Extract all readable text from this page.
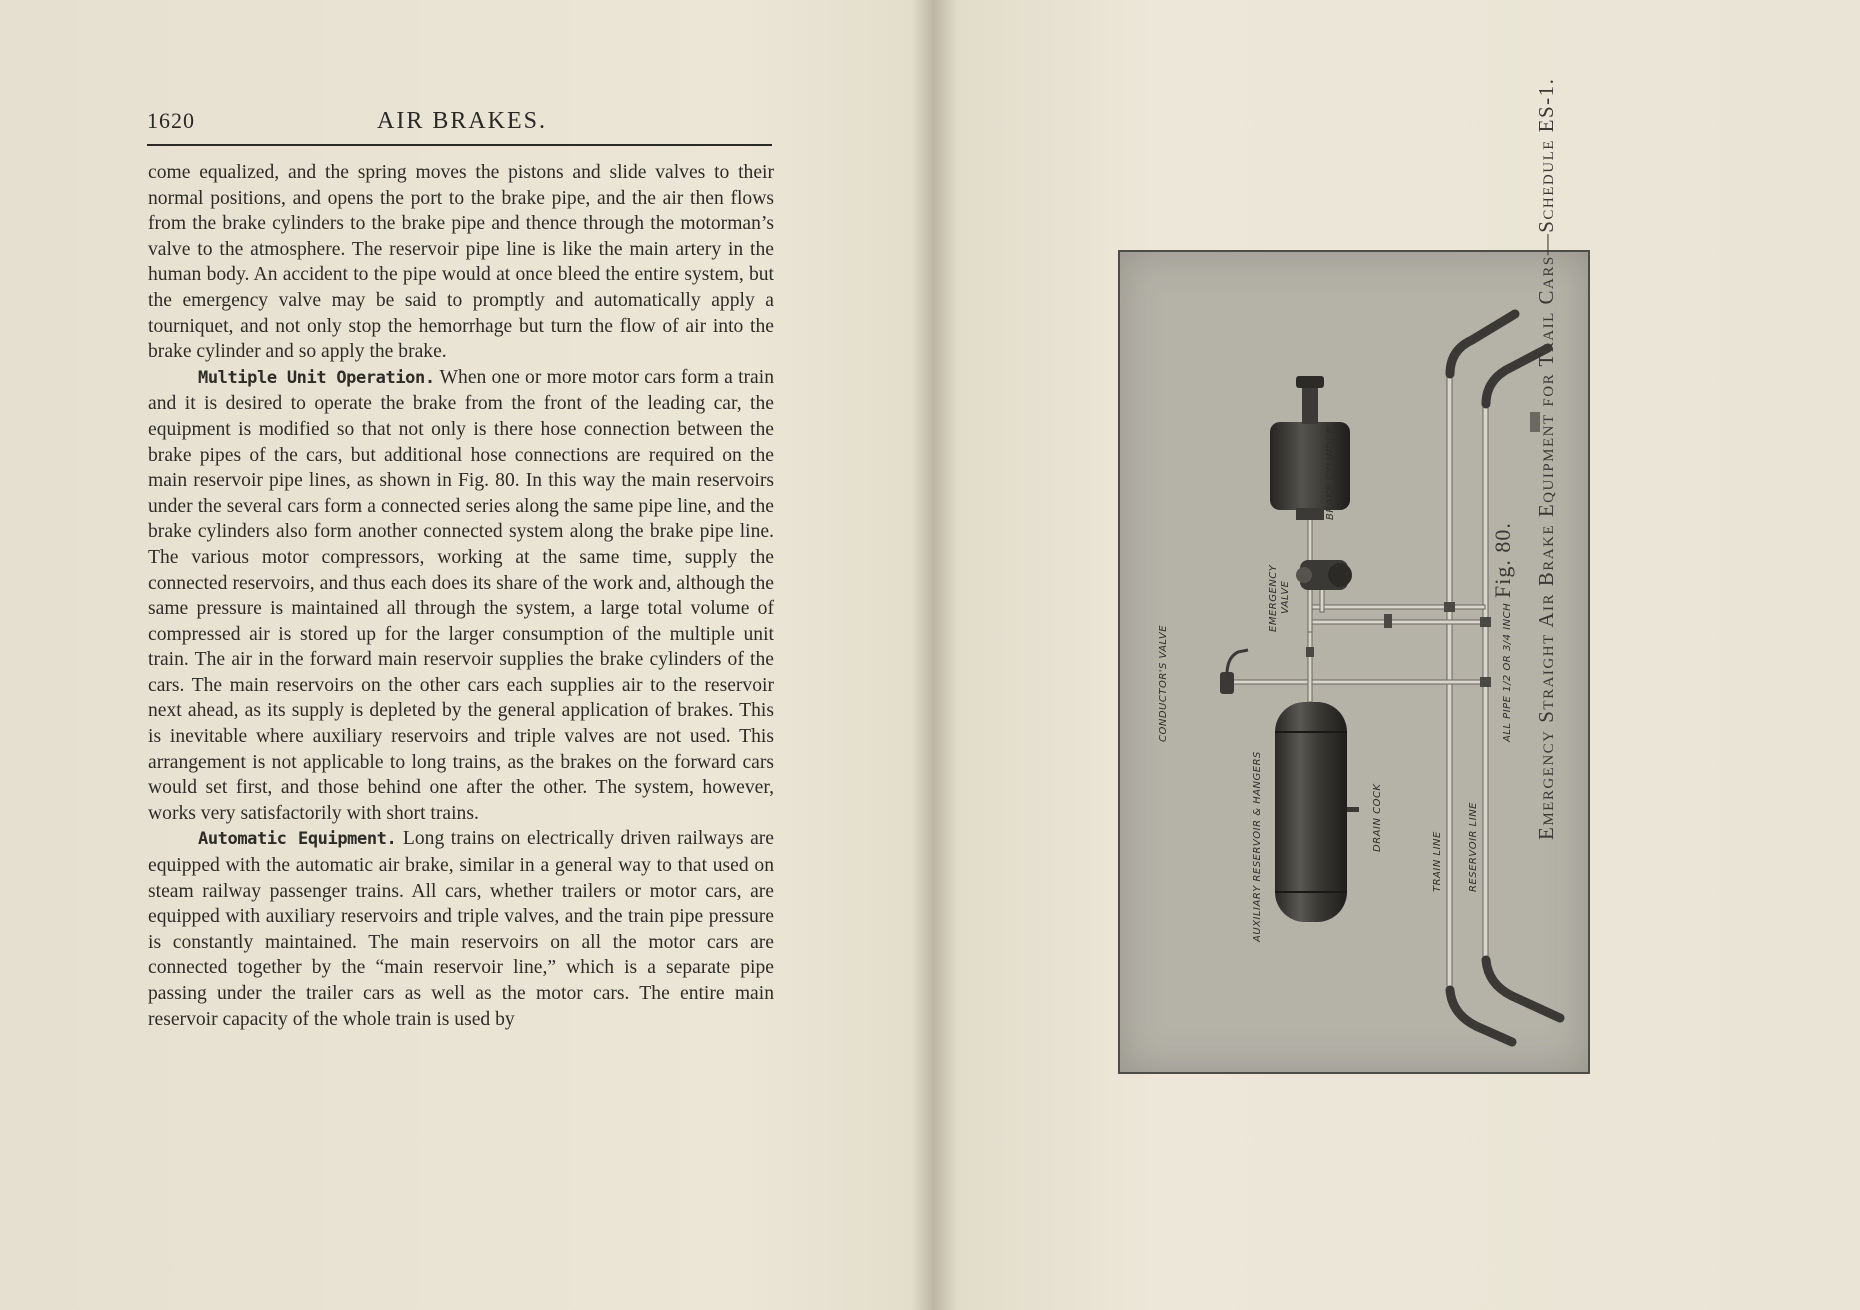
1620	AIR BRAKES.

come equalized, and the spring moves the pistons and slide valves to their normal positions, and opens the port to the brake pipe, and the air then flows from the brake cylinders to the brake pipe and thence through the motorman’s valve to the atmosphere. The reservoir pipe line is like the main artery in the human body. An accident to the pipe would at once bleed the entire system, but the emergency valve may be said to promptly and automatically apply a tourniquet, and not only stop the hemorrhage but turn the flow of air into the brake cylinder and so apply the brake.

Multiple Unit Operation. When one or more motor cars form a train and it is desired to operate the brake from the front of the leading car, the equipment is modified so that not only is there hose connection between the brake pipes of the cars, but additional hose connections are required on the main reservoir pipe lines, as shown in Fig. 80. In this way the main reservoirs under the several cars form a connected series along the same pipe line, and the brake cylinders also form another connected system along the brake pipe line. The various motor compressors, working at the same time, supply the connected reservoirs, and thus each does its share of the work and, although the same pressure is maintained all through the system, a large total volume of compressed air is stored up for the larger consumption of the multiple unit train. The air in the forward main reservoir supplies the brake cylinders of the cars. The main reservoirs on the other cars each supplies air to the reservoir next ahead, as its supply is depleted by the general application of brakes. This is inevitable where auxiliary reservoirs and triple valves are not used. This arrangement is not applicable to long trains, as the brakes on the forward cars would set first, and those behind one after the other. The system, however, works very satisfactorily with short trains.

Automatic Equipment. Long trains on electrically driven railways are equipped with the automatic air brake, similar in a general way to that used on steam railway passenger trains. All cars, whether trailers or motor cars, are equipped with auxiliary reservoirs and triple valves, and the train pipe pressure is constantly maintained. The main reservoirs on all the motor cars are connected together by the “main reservoir line,” which is a separate pipe passing under the trailer cars as well as the motor cars. The entire main reservoir capacity of the whole train is used by

BRAKE CYLINDER
EMERGENCY VALVE
CONDUCTOR'S VALVE
AUXILIARY RESERVOIR & HANGERS	DRAIN COCK
TRAIN LINE	RESERVOIR LINE
ALL PIPE 1/2 OR 3/4 INCH
Fig. 80. Emergency Straight Air Brake Equipment for Trail Cars—Schedule ES-1.
